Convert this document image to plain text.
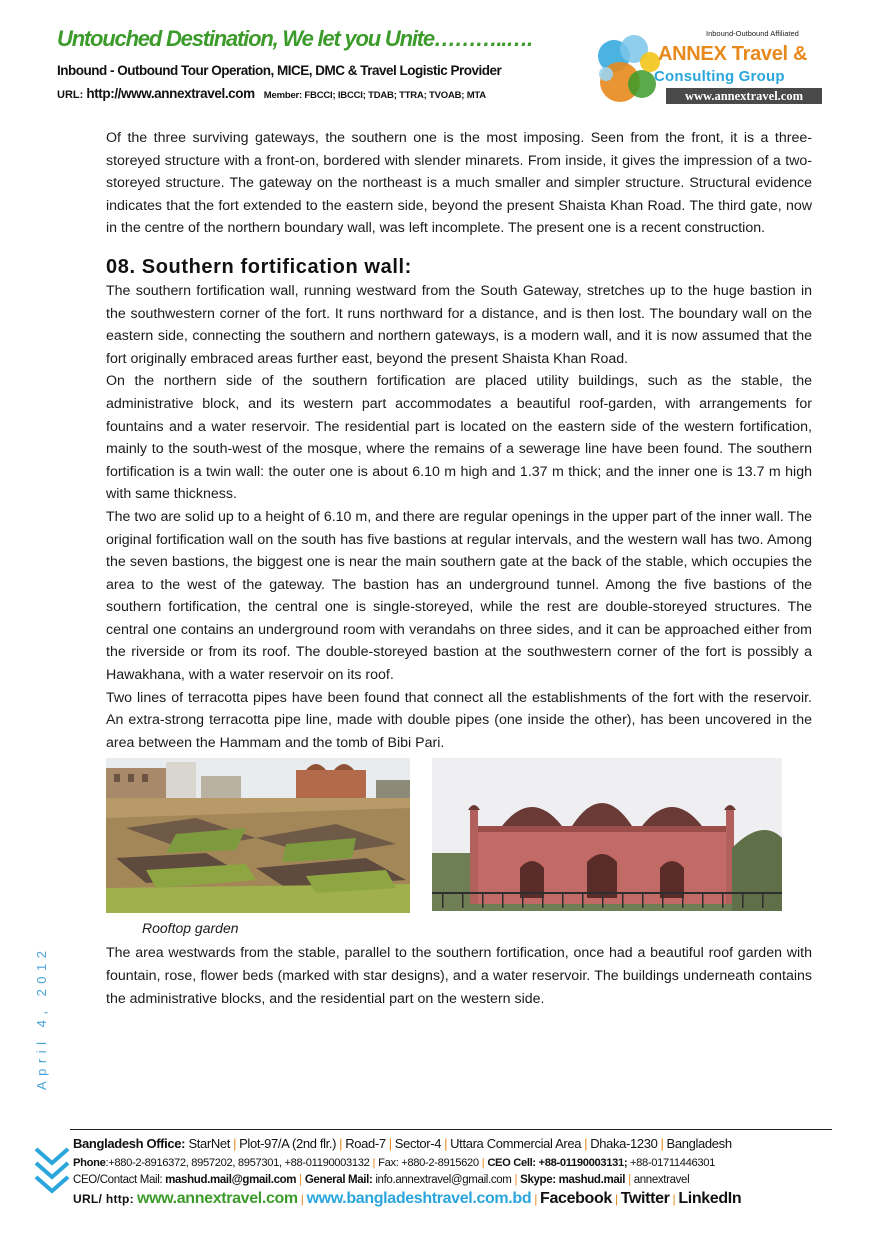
Untouched Destination, We let you Unite………..….
Inbound - Outbound Tour Operation, MICE, DMC & Travel Logistic Provider
URL: http://www.annextravel.com Member: FBCCI; IBCCI; TDAB; TTRA; TVOAB; MTA
Inbound-Outbound Affiliated
ANNEX Travel &
Consulting Group
www.annextravel.com

Of the three surviving gateways, the southern one is the most imposing. Seen from the front, it is a three-storeyed structure with a front-on, bordered with slender minarets. From inside, it gives the impression of a two-storeyed structure. The gateway on the northeast is a much smaller and simpler structure. Structural evidence indicates that the fort extended to the eastern side, beyond the present Shaista Khan Road. The third gate, now in the centre of the northern boundary wall, was left incomplete. The present one is a recent construction.

08. Southern fortification wall:

The southern fortification wall, running westward from the South Gateway, stretches up to the huge bastion in the southwestern corner of the fort. It runs northward for a distance, and is then lost. The boundary wall on the eastern side, connecting the southern and northern gateways, is a modern wall, and it is now assumed that the fort originally embraced areas further east, beyond the present Shaista Khan Road.

On the northern side of the southern fortification are placed utility buildings, such as the stable, the administrative block, and its western part accommodates a beautiful roof-garden, with arrangements for fountains and a water reservoir. The residential part is located on the eastern side of the western fortification, mainly to the south-west of the mosque, where the remains of a sewerage line have been found. The southern fortification is a twin wall: the outer one is about 6.10 m high and 1.37 m thick; and the inner one is 13.7 m high with same thickness.

The two are solid up to a height of 6.10 m, and there are regular openings in the upper part of the inner wall. The original fortification wall on the south has five bastions at regular intervals, and the western wall has two. Among the seven bastions, the biggest one is near the main southern gate at the back of the stable, which occupies the area to the west of the gateway. The bastion has an underground tunnel. Among the five bastions of the southern fortification, the central one is single-storeyed, while the rest are double-storeyed structures. The central one contains an underground room with verandahs on three sides, and it can be approached either from the riverside or from its roof. The double-storeyed bastion at the southwestern corner of the fort is possibly a Hawakhana, with a water reservoir on its roof.

Two lines of terracotta pipes have been found that connect all the establishments of the fort with the reservoir. An extra-strong terracotta pipe line, made with double pipes (one inside the other), has been uncovered in the area between the Hammam and the tomb of Bibi Pari.

Rooftop garden

The area westwards from the stable, parallel to the southern fortification, once had a beautiful roof garden with fountain, rose, flower beds (marked with star designs), and a water reservoir. The buildings underneath contains the administrative blocks, and the residential part on the western side.

April 4, 2012
Bangladesh Office: StarNet | Plot-97/A (2nd flr.) | Road-7 | Sector-4 | Uttara Commercial Area | Dhaka-1230 | Bangladesh
Phone:+880-2-8916372, 8957202, 8957301, +88-01190003132 | Fax: +880-2-8915620 | CEO Cell: +88-01190003131; +88-01711446301
CEO/Contact Mail: mashud.mail@gmail.com | General Mail: info.annextravel@gmail.com | Skype: mashud.mail | annextravel
URL/ http: www.annextravel.com | www.bangladeshtravel.com.bd | Facebook | Twitter | LinkedIn
